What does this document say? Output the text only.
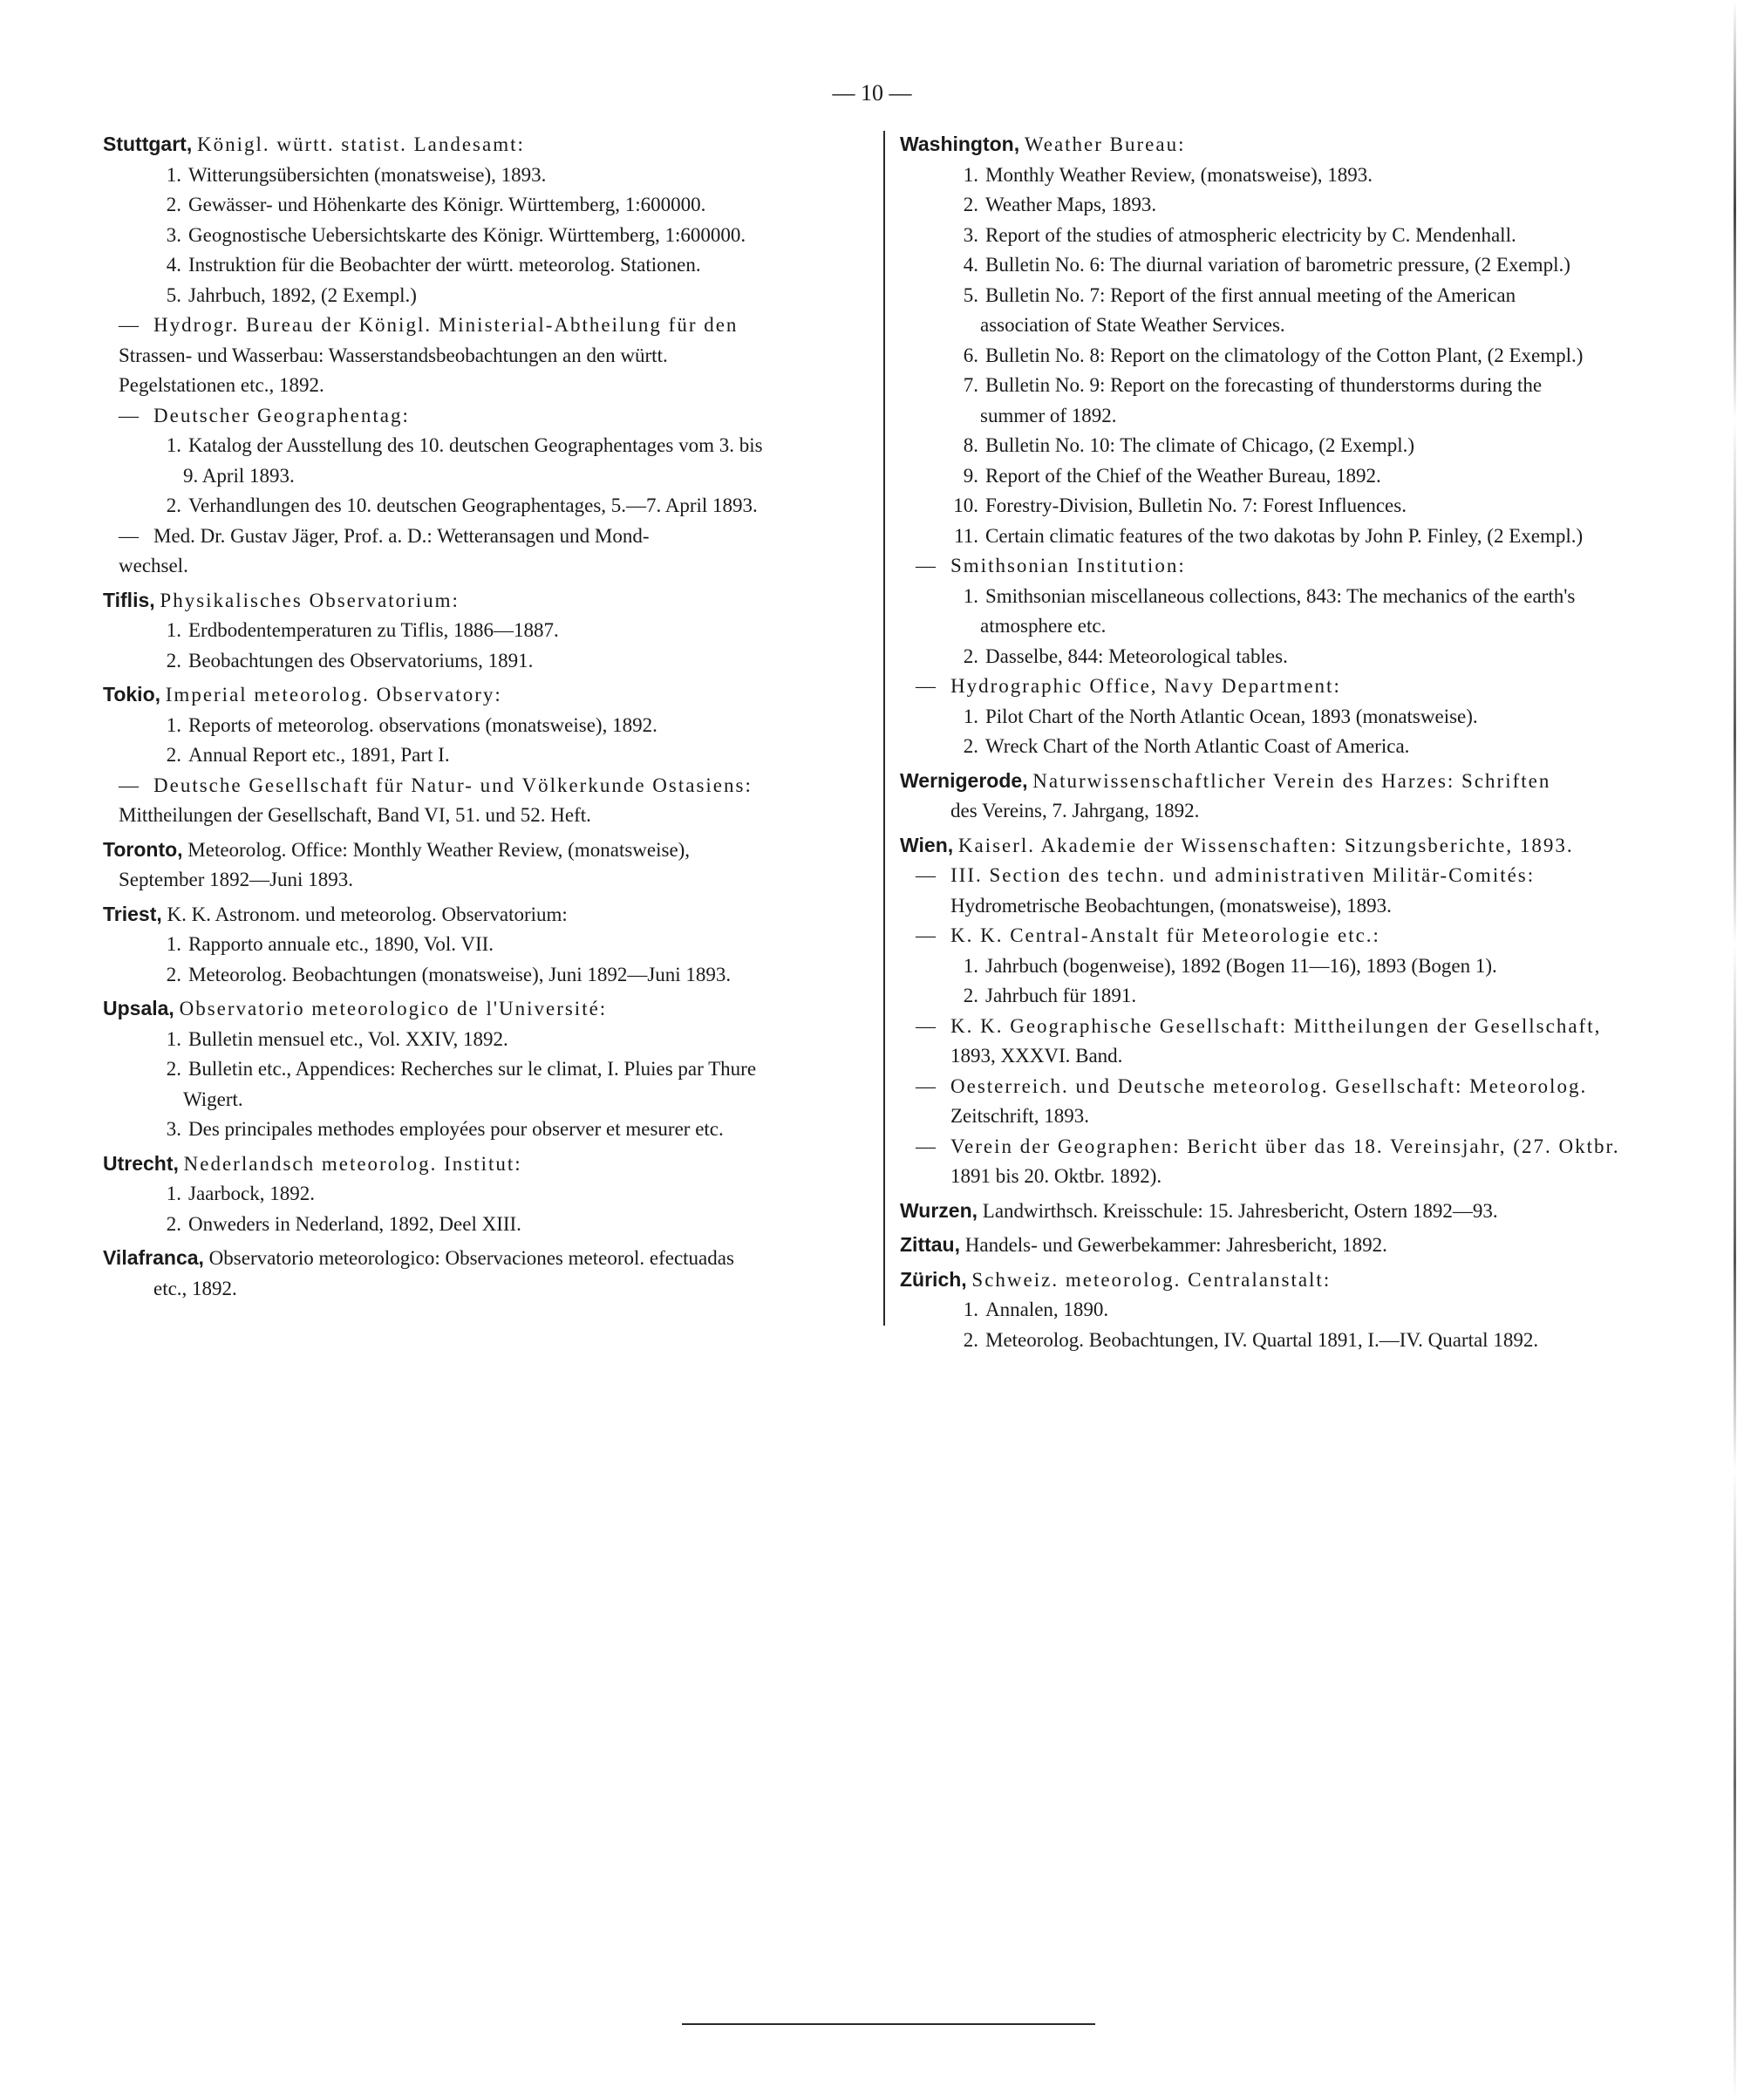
— 10 —
Stuttgart, Königl. württ. statist. Landesamt:
1. Witterungsübersichten (monatsweise), 1893.
2. Gewässer- und Höhenkarte des Königr. Württemberg, 1:600000.
3. Geognostische Uebersichtskarte des Königr. Württemberg, 1:600000.
4. Instruktion für die Beobachter der württ. meteorolog. Stationen.
5. Jahrbuch, 1892, (2 Exempl.)
— Hydrogr. Bureau der Königl. Ministerial-Abtheilung für den
Strassen- und Wasserbau: Wasserstandsbeobachtungen an den württ.
Pegelstationen etc., 1892.
— Deutscher Geographentag:
1. Katalog der Ausstellung des 10. deutschen Geographentages vom 3. bis
9. April 1893.
2. Verhandlungen des 10. deutschen Geographentages, 5.—7. April 1893.
— Med. Dr. Gustav Jäger, Prof. a. D.: Wetteransagen und Mond-
wechsel.
Tiflis, Physikalisches Observatorium:
1. Erdbodentemperaturen zu Tiflis, 1886—1887.
2. Beobachtungen des Observatoriums, 1891.
Tokio, Imperial meteorolog. Observatory:
1. Reports of meteorolog. observations (monatsweise), 1892.
2. Annual Report etc., 1891, Part I.
— Deutsche Gesellschaft für Natur- und Völkerkunde Ostasiens:
Mittheilungen der Gesellschaft, Band VI, 51. und 52. Heft.
Toronto, Meteorolog. Office: Monthly Weather Review, (monatsweise),
September 1892—Juni 1893.
Triest, K. K. Astronom. und meteorolog. Observatorium:
1. Rapporto annuale etc., 1890, Vol. VII.
2. Meteorolog. Beobachtungen (monatsweise), Juni 1892—Juni 1893.
Upsala, Observatorio meteorologico de l'Université:
1. Bulletin mensuel etc., Vol. XXIV, 1892.
2. Bulletin etc., Appendices: Recherches sur le climat, I. Pluies par Thure
Wigert.
3. Des principales methodes employées pour observer et mesurer etc.
Utrecht, Nederlandsch meteorolog. Institut:
1. Jaarbock, 1892.
2. Onweders in Nederland, 1892, Deel XIII.
Vilafranca, Observatorio meteorologico: Observaciones meteorol. efectuadas
etc., 1892.
Washington, Weather Bureau:
1. Monthly Weather Review, (monatsweise), 1893.
2. Weather Maps, 1893.
3. Report of the studies of atmospheric electricity by C. Mendenhall.
4. Bulletin No. 6: The diurnal variation of barometric pressure, (2 Exempl.)
5. Bulletin No. 7: Report of the first annual meeting of the American
association of State Weather Services.
6. Bulletin No. 8: Report on the climatology of the Cotton Plant, (2 Exempl.)
7. Bulletin No. 9: Report on the forecasting of thunderstorms during the
summer of 1892.
8. Bulletin No. 10: The climate of Chicago, (2 Exempl.)
9. Report of the Chief of the Weather Bureau, 1892.
10. Forestry-Division, Bulletin No. 7: Forest Influences.
11. Certain climatic features of the two dakotas by John P. Finley, (2 Exempl.)
— Smithsonian Institution:
1. Smithsonian miscellaneous collections, 843: The mechanics of the earth's
atmosphere etc.
2. Dasselbe, 844: Meteorological tables.
— Hydrographic Office, Navy Department:
1. Pilot Chart of the North Atlantic Ocean, 1893 (monatsweise).
2. Wreck Chart of the North Atlantic Coast of America.
Wernigerode, Naturwissenschaftlicher Verein des Harzes: Schriften
des Vereins, 7. Jahrgang, 1892.
Wien, Kaiserl. Akademie der Wissenschaften: Sitzungsberichte, 1893.
— III. Section des techn. und administrativen Militär-Comités:
Hydrometrische Beobachtungen, (monatsweise), 1893.
— K. K. Central-Anstalt für Meteorologie etc.:
1. Jahrbuch (bogenweise), 1892 (Bogen 11—16), 1893 (Bogen 1).
2. Jahrbuch für 1891.
— K. K. Geographische Gesellschaft: Mittheilungen der Gesellschaft,
1893, XXXVI. Band.
— Oesterreich. und Deutsche meteorolog. Gesellschaft: Meteorolog.
Zeitschrift, 1893.
— Verein der Geographen: Bericht über das 18. Vereinsjahr, (27. Oktbr.
1891 bis 20. Oktbr. 1892).
Wurzen, Landwirthsch. Kreisschule: 15. Jahresbericht, Ostern 1892—93.
Zittau, Handels- und Gewerbekammer: Jahresbericht, 1892.
Zürich, Schweiz. meteorolog. Centralanstalt:
1. Annalen, 1890.
2. Meteorolog. Beobachtungen, IV. Quartal 1891, I.—IV. Quartal 1892.
